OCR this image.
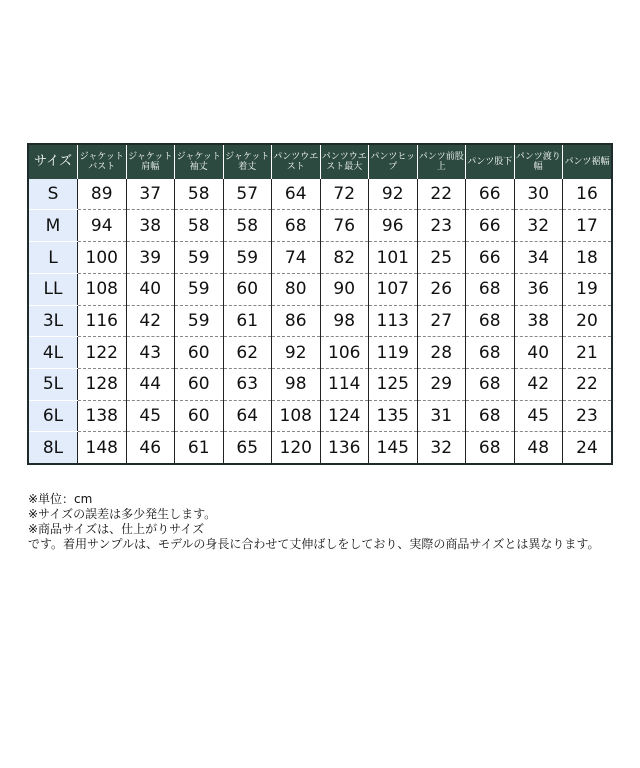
サイズ	ジャケットバスト	ジャケット肩幅	ジャケット袖丈	ジャケット着丈	パンツウエスト	パンツウエスト最大	パンツヒップ	パンツ前股上	パンツ股下	パンツ渡り幅	パンツ裾幅
S	89	37	58	57	64	72	92	22	66	30	16
M	94	38	58	58	68	76	96	23	66	32	17
L	100	39	59	59	74	82	101	25	66	34	18
LL	108	40	59	60	80	90	107	26	68	36	19
3L	116	42	59	61	86	98	113	27	68	38	20
4L	122	43	60	62	92	106	119	28	68	40	21
5L	128	44	60	63	98	114	125	29	68	42	22
6L	138	45	60	64	108	124	135	31	68	45	23
8L	148	46	61	65	120	136	145	32	68	48	24
※単位：cm
※サイズの誤差は多少発生します。
※商品サイズは、仕上がりサイズ
です。着用サンプルは、モデルの身長に合わせて丈伸ばしをしており、実際の商品サイズとは異なります。
